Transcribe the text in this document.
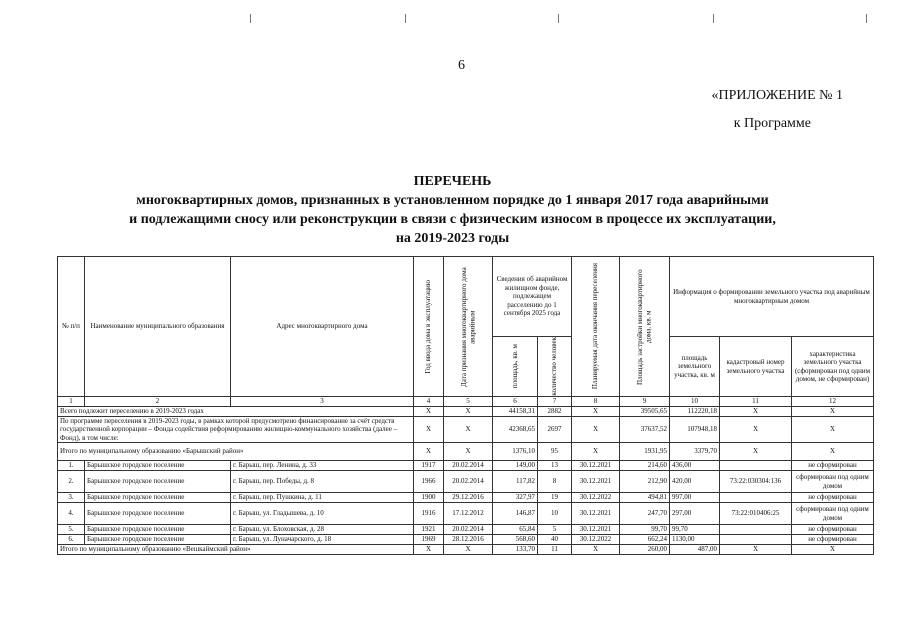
6
«ПРИЛОЖЕНИЕ № 1
к Программе
ПЕРЕЧЕНЬ
многоквартирных домов, признанных в установленном порядке до 1 января 2017 года аварийными
и подлежащими сносу или реконструкции в связи с физическим износом в процессе их эксплуатации,
на 2019-2023 годы
№ п/п	Наименование муниципального образования	Адрес многоквартирного дома	Год ввода дома в эксплуатацию	Дата признания многоквартирного дома аварийным	Сведения об аварийном жилищном фонде, подлежащем расселению до 1 сентября 2025 года		Планируемая дата окончания переселения	Площадь застройки многоквартирного дома, кв. м	Информация о формировании земельного участка под аварийным многоквартирным домом		

					площадь, кв. м	количество человек			площадь земельного участка, кв. м	кадастровый номер земельного участка	характеристика земельного участка (сформирован под одним домом, не сформирован)
1	2	3	4	5	6	7	8	9	10	11	12
Всего подлежит переселению в 2019-2023 годах			X	X	44158,31	2882	X	39505,65	112220,18	X	X
По программе переселения в 2019-2023 годы, в рамках которой предусмотрено финансирование за счёт средств государственной корпорации – Фонда содействия реформированию жилищно-коммунального хозяйства (далее – Фонд), в том числе:			X	X	42368,65	2697	X	37637,52	107948,18	X	X
Итого по муниципальному образованию «Барышский район»			X	X	1376,10	95	X	1931,95	3379,70	X	X
1.	Барышское городское поселение	г. Барыш, пер. Ленина, д. 33	1917	20.02.2014	149,00	13	30.12.2021	214,60	436,00		не сформирован
2.	Барышское городское поселение	г. Барыш, пер. Победы, д. 8	1966	20.02.2014	117,82	8	30.12.2021	212,90	420,00	73:22:030304:136	сформирован под одним домом
3.	Барышское городское поселение	г. Барыш, пер. Пушкина, д. 11	1900	29.12.2016	327,97	19	30.12.2022	494,81	997,00		не сформирован
4.	Барышское городское поселение	г. Барыш, ул. Гладышева, д. 10	1916	17.12.2012	146,87	10	30.12.2021	247,70	297,00	73:22:010406:25	сформирован под одним домом
5.	Барышское городское поселение	г. Барыш, ул. Блоховская, д. 28	1921	20.02.2014	65,84	5	30.12.2021	99,70	99,70		не сформирован
6.	Барышское городское поселение	г. Барыш, ул. Луначарского, д. 18	1969	28.12.2016	568,60	40	30.12.2022	662,24	1130,00		не сформирован
Итого по муниципальному образованию «Вешкаймский район»			X	X	133,70	11	X	260,00	487,00	X	X
